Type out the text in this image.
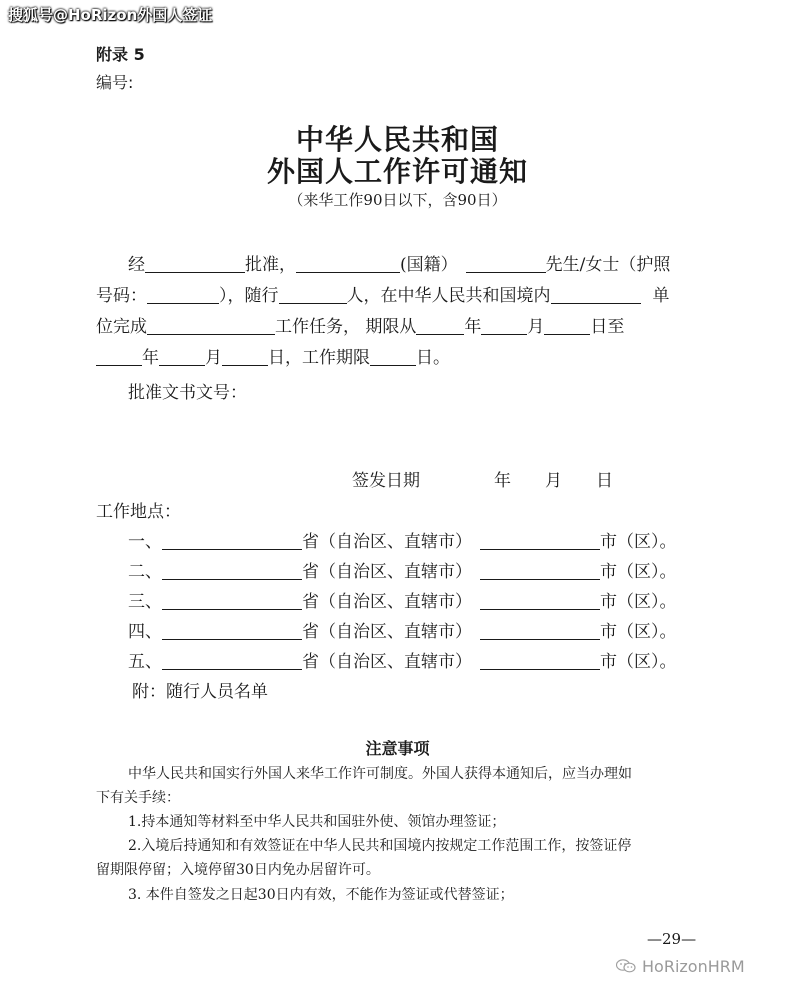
搜狐号@HoRizon外国人签证
附录 5
编号:
中华人民共和国
外国人工作许可通知
（来华工作90日以下，含90日）
经	批准，	(国籍）	先生/女士（护照
号码：	），随行	人，在中华人民共和国境内	单
位完成	工作任务， 期限从	年	月	日至
年	月	日，工作期限	日。
批准文书文号：
签发日期	年 月 日
工作地点：
一、	省（自治区、直辖市）	市（区）。
二、	省（自治区、直辖市）	市（区）。
三、	省（自治区、直辖市）	市（区）。
四、	省（自治区、直辖市）	市（区）。
五、	省（自治区、直辖市）	市（区）。
附：随行人员名单
注意事项
中华人民共和国实行外国人来华工作许可制度。外国人获得本通知后，应当办理如
下有关手续：
1.持本通知等材料至中华人民共和国驻外使、领馆办理签证；
2.入境后持通知和有效签证在中华人民共和国境内按规定工作范围工作，按签证停
留期限停留；入境停留30日内免办居留许可。
3. 本件自签发之日起30日内有效，不能作为签证或代替签证；
—29—
HoRizonHRM
